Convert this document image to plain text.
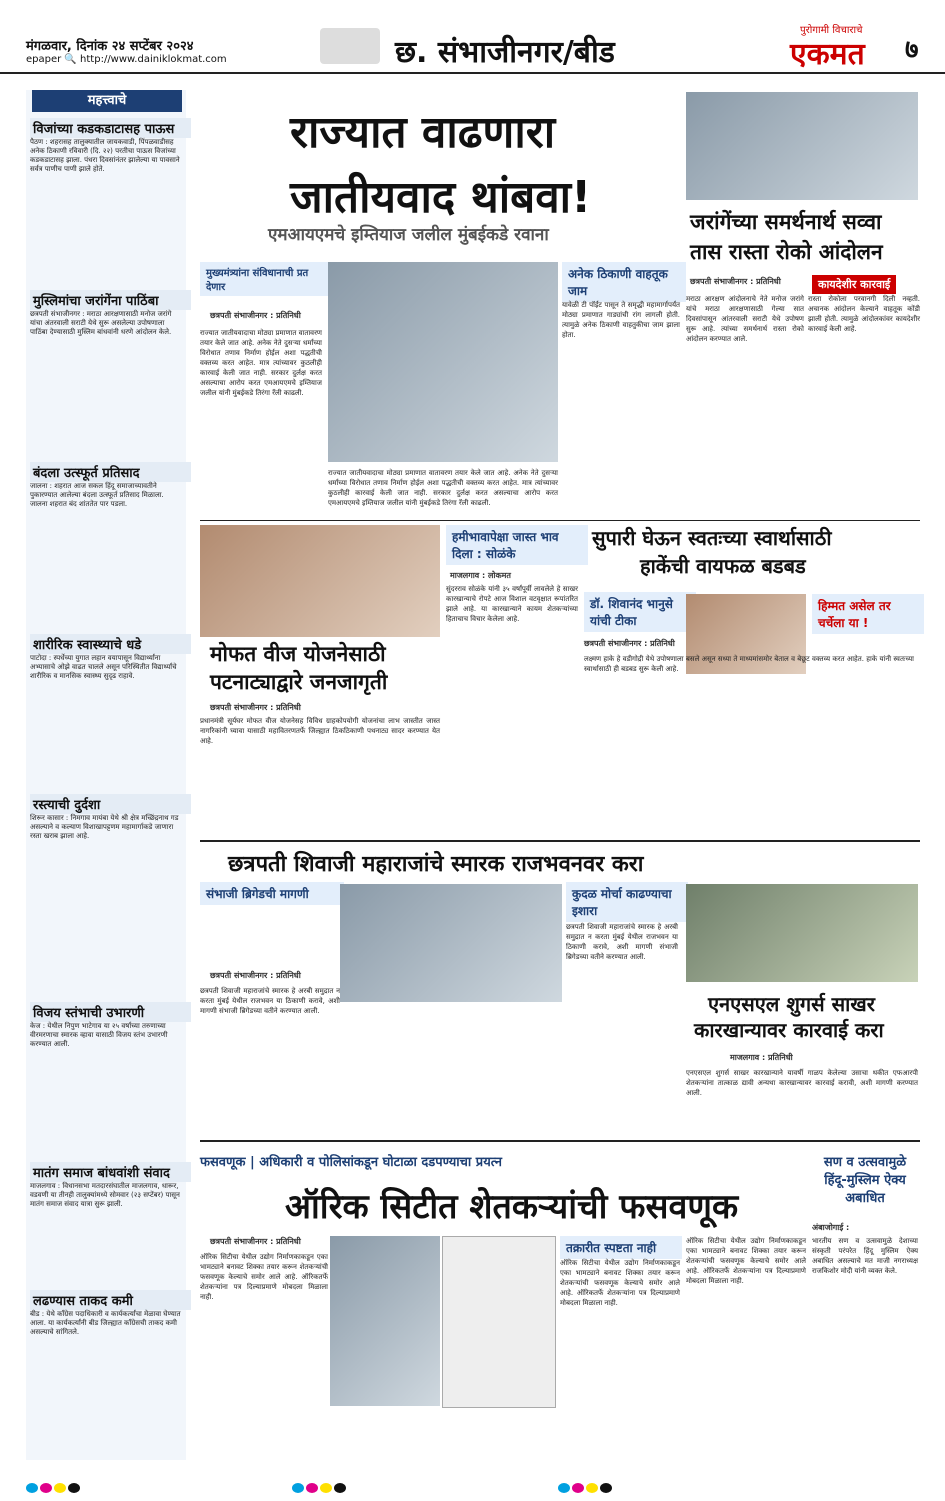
मंगळवार, दिनांक २४ सप्टेंबर २०२४
epaper 🔍 http://www.dainiklokmat.com	छ. संभाजीनगर/बीड
पुरोगामी विचाराचे
एकमत ७
महत्त्वाचे
विजांच्या कडकडाटासह पाऊस
पैठण : शहरासह तालुक्यातील जायकवाडी, पिंपळवाडीसह अनेक ठिकाणी रविवारी (दि. २२) परतीचा पाऊस विजांच्या कडकडाटासह झाला. पंधरा दिवसांनंतर झालेल्या या पावसाने सर्वत्र पाणीच पाणी झाले होते.
मुस्लिमांचा जरांगेंना पाठिंबा
छत्रपती संभाजीनगर : मराठा आरक्षणासाठी मनोज जरांगे यांचा अंतरवाली सराटी येथे सुरू असलेल्या उपोषणाला पाठिंबा देण्यासाठी मुस्लिम बांधवांनी धरणे आंदोलन केले.
बंदला उत्स्फूर्त प्रतिसाद
जालना : शहरात आज सकल हिंदू समाजाच्यावतीने पुकारण्यात आलेल्या बंदला उत्स्फूर्त प्रतिसाद मिळाला. जालना शहरात बंद शांततेत पार पडला.
शारीरिक स्वास्थ्याचे धडे
पाटोदा : स्पर्धेच्या युगात लहान वयापासून विद्यार्थ्यांना अभ्यासाचे ओझे वाढत चालले असून परिस्थितीत विद्यार्थ्यांचे शारीरिक व मानसिक स्वास्थ्य सुदृढ राहावे.
रस्त्याची दुर्दशा
शिरूर कासार : निमगाव मायंबा येथे श्री क्षेत्र मच्छिंद्रनाथ गड असल्याने व कल्याण विशाखापट्टणम महामार्गाकडे जाणारा रस्ता खराब झाला आहे.
विजय स्तंभाची उभारणी
केज : येथील निपुण भाटेगाव या २५ वर्षांच्या तरुणाच्या वीरमरणाचा स्मारक व्हावा यासाठी विजय स्तंभ उभारणी करण्यात आली.
मातंग समाज बांधवांशी संवाद
माजलगाव : विधानसभा मतदारसंघातील माजलगाव, धारूर, वडवणी या तीनही तालुक्यांमध्ये सोमवार (२३ सप्टेंबर) पासून मातंग समाज संवाद यात्रा सुरू झाली.
लढण्यास ताकद कमी
बीड : येथे काँग्रेस पदाधिकारी व कार्यकर्त्यांचा मेळावा घेण्यात आला. या कार्यकर्त्यांनी बीड जिल्ह्यात काँग्रेसची ताकद कमी असल्याचे सांगितले.
राज्यात वाढणारा
जातीयवाद थांबवा!
एमआयएमचे इम्तियाज जलील मुंबईकडे रवाना
मुख्यमंत्र्यांना संविधानाची प्रत देणार
छत्रपती संभाजीनगर : प्रतिनिधी
राज्यात जातीयवादाचा मोठ्या प्रमाणात वातावरण तयार केले जात आहे. अनेक नेते दुसऱ्या धर्मांच्या विरोधात तणाव निर्माण होईल अशा पद्धतीची वक्तव्य करत आहेत. मात्र त्यांच्यावर कुठलीही कारवाई केली जात नाही. सरकार दुर्लक्ष करत असल्याचा आरोप करत एमआयएमचे इम्तियाज जलील यांनी मुंबईकडे तिरंगा रॅली काढली.
राज्यात जातीयवादाचा मोठ्या प्रमाणात वातावरण तयार केले जात आहे. अनेक नेते दुसऱ्या धर्मांच्या विरोधात तणाव निर्माण होईल अशा पद्धतीची वक्तव्य करत आहेत. मात्र त्यांच्यावर कुठलीही कारवाई केली जात नाही. सरकार दुर्लक्ष करत असल्याचा आरोप करत एमआयएमचे इम्तियाज जलील यांनी मुंबईकडे तिरंगा रॅली काढली.
अनेक ठिकाणी वाहतूक जाम
यावेळी टी पॉईंट पासून ते समृद्धी महामार्गापर्यंत मोठ्या प्रमाणात गाड्यांची रांग लागली होती. त्यामुळे अनेक ठिकाणी वाहतुकीचा जाम झाला होता.
जरांगेंच्या समर्थनार्थ सव्वा
तास रास्ता रोको आंदोलन
छत्रपती संभाजीनगर : प्रतिनिधी	कायदेशीर कारवाई
मराठा आरक्षण आंदोलनाचे नेते मनोज जरांगे यांचे मराठा आरक्षणासाठी गेल्या सात दिवसांपासून आंतरवाली सराटी येथे उपोषण सुरू आहे. त्यांच्या समर्थनार्थ रास्ता रोको आंदोलन करण्यात आले.
रास्ता रोकोला परवानगी दिली नव्हती. अचानक आंदोलन केल्याने वाहतूक कोंडी झाली होती. त्यामुळे आंदोलकांवर कायदेशीर कारवाई केली आहे.
हमीभावापेक्षा जास्त भाव दिला : सोळंके
माजलगाव : लोकमत
सुंदरराव सोळंके यांनी ३५ वर्षांपूर्वी लावलेले हे साखर कारखान्याचे रोपटे आज विशाल वटवृक्षात रूपांतरित झाले आहे. या कारखान्याने कायम शेतकऱ्यांच्या हिताचाच विचार केलेला आहे.
मोफत वीज योजनेसाठी
पटनाट्याद्वारे जनजागृती
छत्रपती संभाजीनगर : प्रतिनिधी
प्रधानमंत्री सूर्यघर मोफत वीज योजनेसह विविध ग्राहकोपयोगी योजनांचा लाभ जास्तीत जास्त नागरिकांनी घ्यावा यासाठी महावितरणतर्फे जिल्ह्यात ठिकठिकाणी पथनाट्य सादर करण्यात येत आहे.
सुपारी घेऊन स्वतःच्या स्वार्थासाठी
हाकेंची वायफळ बडबड
डॉ. शिवानंद भानुसे यांची टीका
छत्रपती संभाजीनगर : प्रतिनिधी
हिम्मत असेल तर चर्चेला या !
लक्ष्मण हाके हे वडीगोद्री येथे उपोषणाला बसले असून सध्या ते माध्यमांसमोर बेताल व बेछूट वक्तव्य करत आहेत. हाके यांनी स्वतःच्या स्वार्थासाठी ही बडबड सुरू केली आहे.
छत्रपती शिवाजी महाराजांचे स्मारक राजभवनवर करा
संभाजी ब्रिगेडची मागणी
छत्रपती संभाजीनगर : प्रतिनिधी
छत्रपती शिवाजी महाराजांचे स्मारक हे अरबी समुद्रात न करता मुंबई येथील राजभवन या ठिकाणी करावे, अशी मागणी संभाजी ब्रिगेडच्या वतीने करण्यात आली.
कुदळ मोर्चा काढण्याचा इशारा
छत्रपती शिवाजी महाराजांचे स्मारक हे अरबी समुद्रात न करता मुंबई येथील राजभवन या ठिकाणी करावे, अशी मागणी संभाजी ब्रिगेडच्या वतीने करण्यात आली.
एनएसएल शुगर्स साखर
कारखान्यावर कारवाई करा
माजलगाव : प्रतिनिधी
एनएसएल शुगर्स साखर कारखान्याने यावर्षी गाळप केलेल्या उसाचा थकीत एफआरपी शेतकऱ्यांना तात्काळ द्यावी अन्यथा कारखान्यावर कारवाई करावी, अशी मागणी करण्यात आली.
फसवणूक | अधिकारी व पोलिसांकडून घोटाळा दडपण्याचा प्रयत्न
ऑरिक सिटीत शेतकऱ्यांची फसवणूक
छत्रपती संभाजीनगर : प्रतिनिधी
ऑरिक सिटीचा येथील उद्योग निर्माणकाकडून एका भामट्याने बनावट शिक्का तयार करून शेतकऱ्यांची फसवणूक केल्याचे समोर आले आहे. ऑरिकतर्फे शेतकऱ्यांना पत्र दिल्याप्रमाणे मोबदला मिळाला नाही.
तक्रारीत स्पष्टता नाही
ऑरिक सिटीचा येथील उद्योग निर्माणकाकडून एका भामट्याने बनावट शिक्का तयार करून शेतकऱ्यांची फसवणूक केल्याचे समोर आले आहे. ऑरिकतर्फे शेतकऱ्यांना पत्र दिल्याप्रमाणे मोबदला मिळाला नाही.
ऑरिक सिटीचा येथील उद्योग निर्माणकाकडून एका भामट्याने बनावट शिक्का तयार करून शेतकऱ्यांची फसवणूक केल्याचे समोर आले आहे. ऑरिकतर्फे शेतकऱ्यांना पत्र दिल्याप्रमाणे मोबदला मिळाला नाही.
सण व उत्सवामुळे हिंदू-मुस्लिम ऐक्य अबाधित
अंबाजोगाई :
भारतीय सण व उत्सवामुळे देशाच्या संस्कृती परंपरेत हिंदू मुस्लिम ऐक्य अबाधित असल्याचे मत माजी नगराध्यक्ष राजकिशोर मोदी यांनी व्यक्त केले.
